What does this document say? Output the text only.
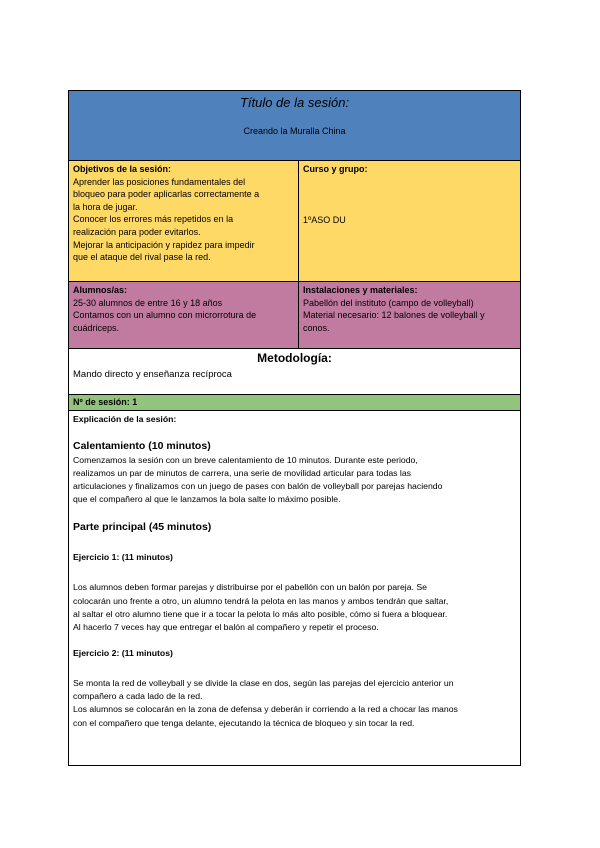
Título de la sesión:
Creando la Muralla China
Objetivos de la sesión:
Aprender las posiciones fundamentales del
bloqueo para poder aplicarlas correctamente a
la hora de jugar.
Conocer los errores más repetidos en la
realización para poder evitarlos.
Mejorar la anticipación y rapidez para impedir
que el ataque del rival pase la red.
Curso y grupo:
1ºASO DU
Alumnos/as:
25-30 alumnos de entre 16 y 18 años
Contamos con un alumno con microrrotura de
cuádriceps.
Instalaciones y materiales:
Pabellón del instituto (campo de volleyball)
Material necesario: 12 balones de volleyball y
conos.
Metodología:
Mando directo y enseñanza recíproca
Nº de sesión: 1
Explicación de la sesión:
Calentamiento (10 minutos)

Comenzamos la sesión con un breve calentamiento de 10 minutos. Durante este periodo,

realizamos un par de minutos de carrera, una serie de movilidad articular para todas las

articulaciones y finalizamos con un juego de pases con balón de volleyball por parejas haciendo

que el compañero al que le lanzamos la bola salte lo máximo posible.

Parte principal (45 minutos)
Ejercicio 1: (11 minutos)

Los alumnos deben formar parejas y distribuirse por el pabellón con un balón por pareja. Se

colocarán uno frente a otro, un alumno tendrá la pelota en las manos y ambos tendrán que saltar,

al saltar el otro alumno tiene que ir a tocar la pelota lo más alto posible, cómo si fuera a bloquear.

Al hacerlo 7 veces hay que entregar el balón al compañero y repetir el proceso.

Ejercicio 2: (11 minutos)

Se monta la red de volleyball y se divide la clase en dos, según las parejas del ejercicio anterior un

compañero a cada lado de la red.

Los alumnos se colocarán en la zona de defensa y deberán ir corriendo a la red a chocar las manos

con el compañero que tenga delante, ejecutando la técnica de bloqueo y sin tocar la red.
